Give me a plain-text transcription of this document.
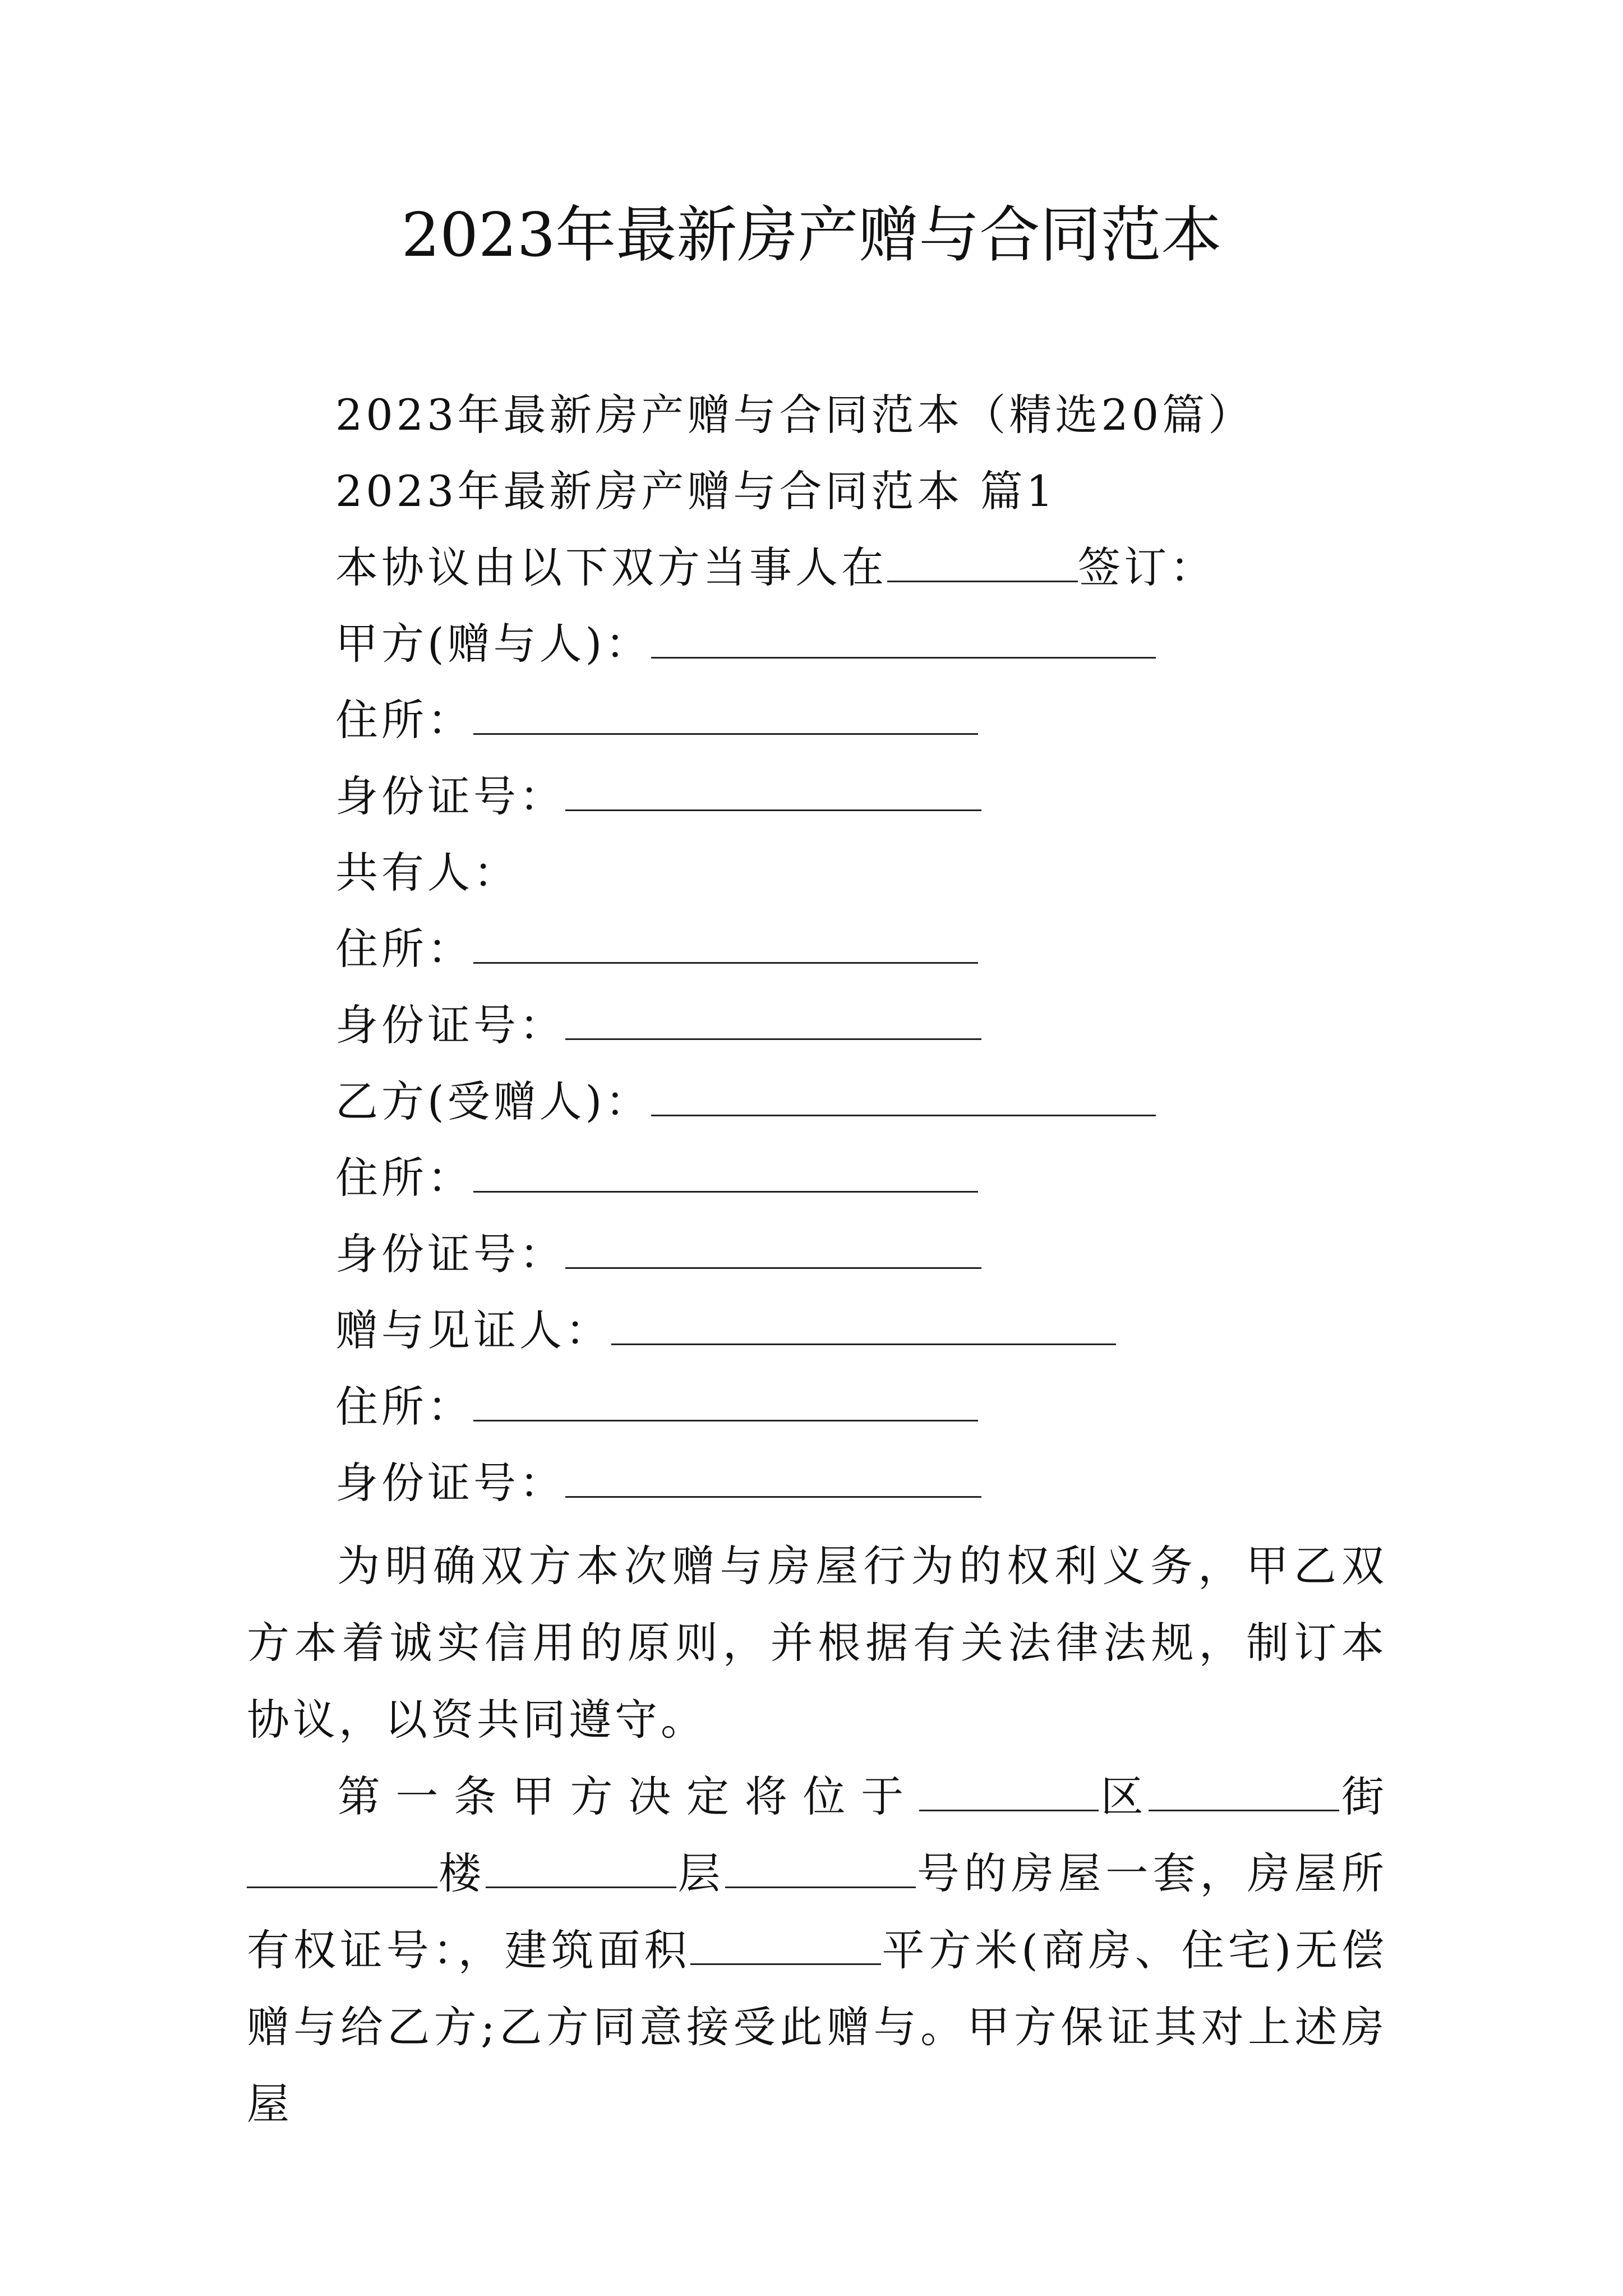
2023年最新房产赠与合同范本
2023年最新房产赠与合同范本（精选20篇）
2023年最新房产赠与合同范本 篇1
本协议由以下双方当事人在	签订：
甲方(赠与人)：
住所：
身份证号：
共有人：
住所：
身份证号：
乙方(受赠人)：
住所：
身份证号：
赠与见证人：
住所：
身份证号：
为明确双方本次赠与房屋行为的权利义务，甲乙双方本着诚实信用的原则，并根据有关法律法规，制订本协议，以资共同遵守。
第一条甲方决定将位于	区	街楼	层	号的房屋一套，房屋所有权证号：，建筑面积	平方米(商房、住宅)无偿赠与给乙方;乙方同意接受此赠与。甲方保证其对上述房屋
